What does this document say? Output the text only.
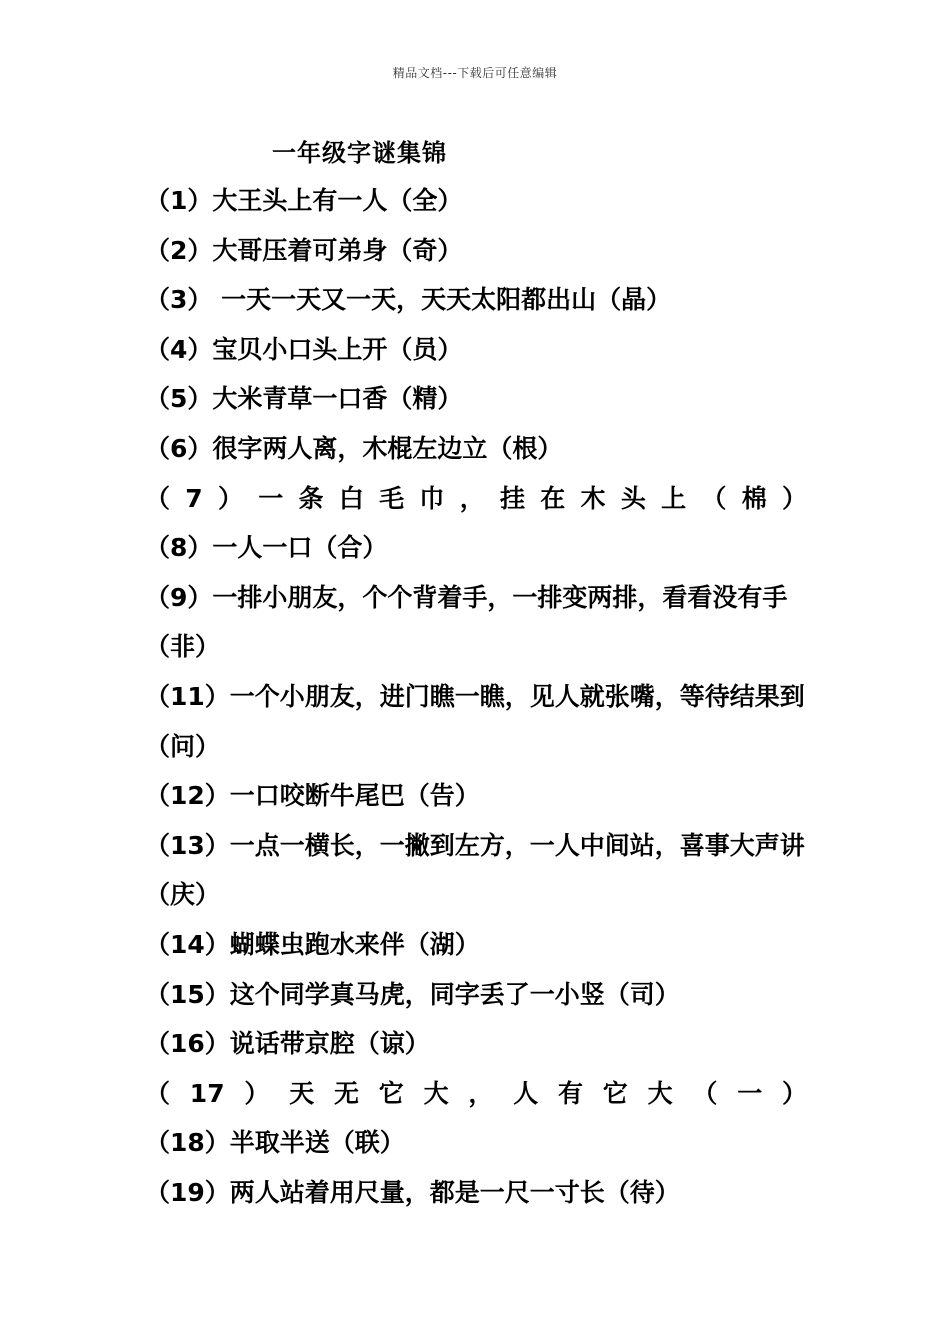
精品文档---下载后可任意编辑
一年级字谜集锦

（1）大王头上有一人（全）

（2）大哥压着可弟身（奇）

（3） 一天一天又一天，天天太阳都出山（晶）

（4）宝贝小口头上开（员）

（5）大米青草一口香（精）

（6）很字两人离，木棍左边立（根）

（7）一条白毛巾，挂在木头上（棉）

（8）一人一口（合）

（9）一排小朋友，个个背着手，一排变两排，看看没有手（非）

（11）一个小朋友，进门瞧一瞧，见人就张嘴，等待结果到（问）

（12）一口咬断牛尾巴（告）

（13）一点一横长，一撇到左方，一人中间站，喜事大声讲（庆）

（14）蝴蝶虫跑水来伴（湖）

（15）这个同学真马虎，同字丢了一小竖（司）

（16）说话带京腔（谅）

（17）天无它大，人有它大（一）

（18）半取半送（联）

（19）两人站着用尺量，都是一尺一寸长（待）
